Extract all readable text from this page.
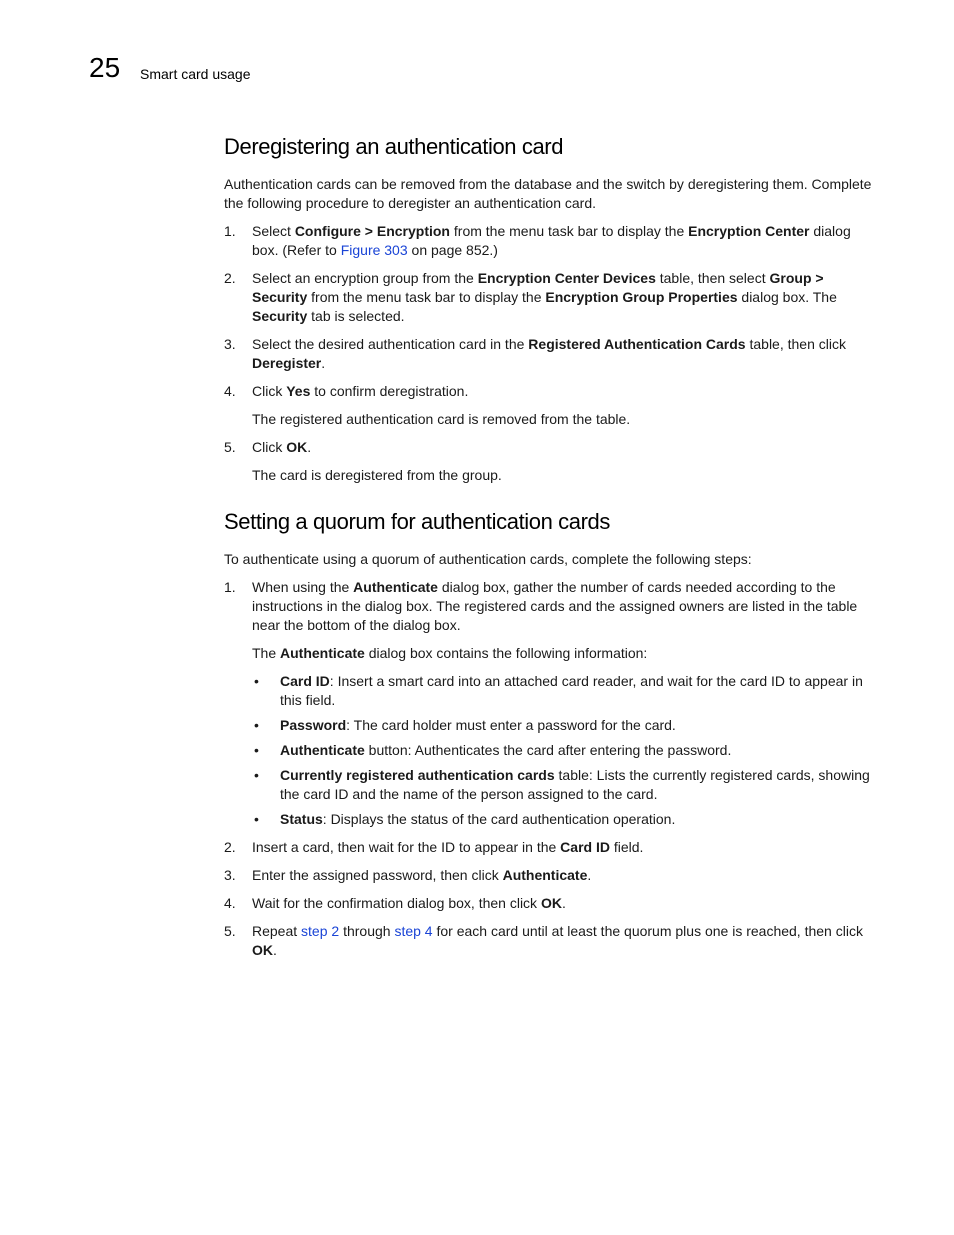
25 Smart card usage
Deregistering an authentication card

Authentication cards can be removed from the database and the switch by deregistering them. Complete the following procedure to deregister an authentication card.

1. Select Configure > Encryption from the menu task bar to display the Encryption Center dialog box. (Refer to Figure 303 on page 852.)
2. Select an encryption group from the Encryption Center Devices table, then select Group > Security from the menu task bar to display the Encryption Group Properties dialog box. The Security tab is selected.
3. Select the desired authentication card in the Registered Authentication Cards table, then click Deregister.
4. Click Yes to confirm deregistration.
The registered authentication card is removed from the table.
5. Click OK.
The card is deregistered from the group.
Setting a quorum for authentication cards

To authenticate using a quorum of authentication cards, complete the following steps:

1. When using the Authenticate dialog box, gather the number of cards needed according to the instructions in the dialog box. The registered cards and the assigned owners are listed in the table near the bottom of the dialog box.
The Authenticate dialog box contains the following information:
• Card ID: Insert a smart card into an attached card reader, and wait for the card ID to appear in this field.
• Password: The card holder must enter a password for the card.
• Authenticate button: Authenticates the card after entering the password.
• Currently registered authentication cards table: Lists the currently registered cards, showing the card ID and the name of the person assigned to the card.
• Status: Displays the status of the card authentication operation.
2. Insert a card, then wait for the ID to appear in the Card ID field.
3. Enter the assigned password, then click Authenticate.
4. Wait for the confirmation dialog box, then click OK.
5. Repeat step 2 through step 4 for each card until at least the quorum plus one is reached, then click OK.
